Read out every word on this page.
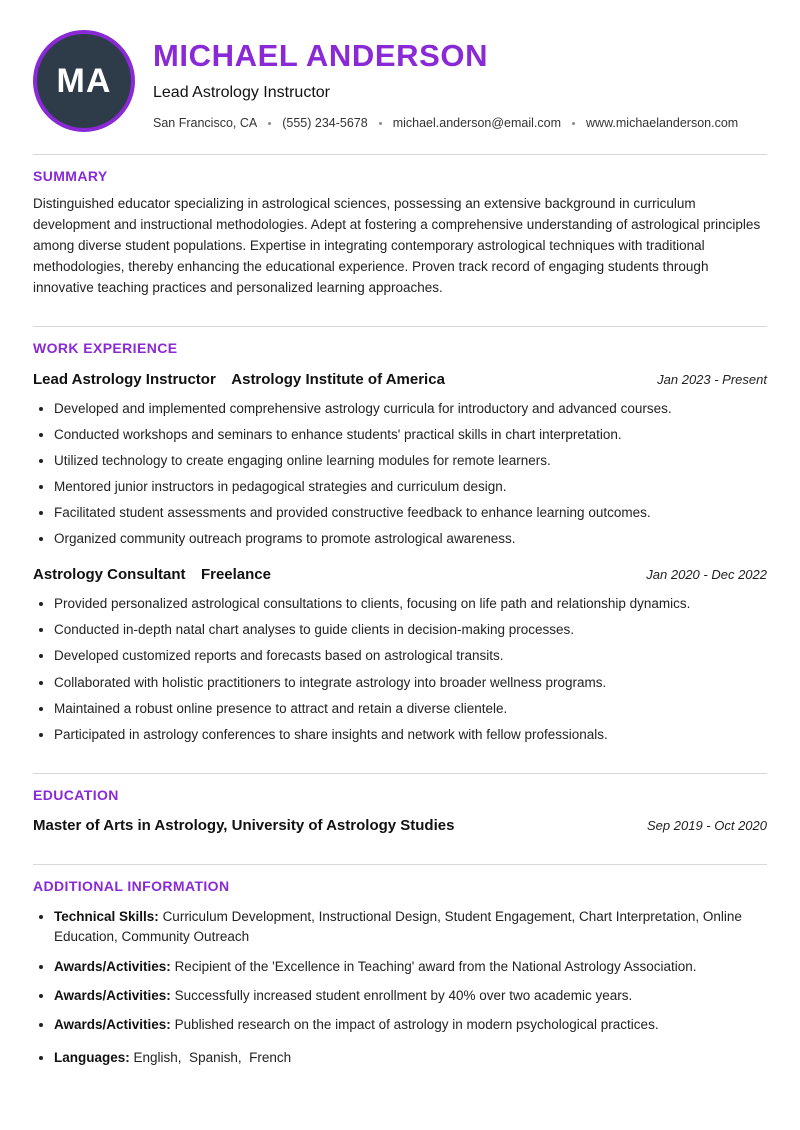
MA
MICHAEL ANDERSON
Lead Astrology Instructor
San Francisco, CA (555) 234-5678 michael.anderson@email.com www.michaelanderson.com
SUMMARY

Distinguished educator specializing in astrological sciences, possessing an extensive background in curriculum development and instructional methodologies. Adept at fostering a comprehensive understanding of astrological principles among diverse student populations. Expertise in integrating contemporary astrological techniques with traditional methodologies, thereby enhancing the educational experience. Proven track record of engaging students through innovative teaching practices and personalized learning approaches.

WORK EXPERIENCE
Lead Astrology Instructor Astrology Institute of America	Jan 2023 - Present
• Developed and implemented comprehensive astrology curricula for introductory and advanced courses.
• Conducted workshops and seminars to enhance students' practical skills in chart interpretation.
• Utilized technology to create engaging online learning modules for remote learners.
• Mentored junior instructors in pedagogical strategies and curriculum design.
• Facilitated student assessments and provided constructive feedback to enhance learning outcomes.
• Organized community outreach programs to promote astrological awareness.
Astrology Consultant Freelance	Jan 2020 - Dec 2022
• Provided personalized astrological consultations to clients, focusing on life path and relationship dynamics.
• Conducted in-depth natal chart analyses to guide clients in decision-making processes.
• Developed customized reports and forecasts based on astrological transits.
• Collaborated with holistic practitioners to integrate astrology into broader wellness programs.
• Maintained a robust online presence to attract and retain a diverse clientele.
• Participated in astrology conferences to share insights and network with fellow professionals.
EDUCATION
Master of Arts in Astrology, University of Astrology Studies	Sep 2019 - Oct 2020
ADDITIONAL INFORMATION
• Technical Skills: Curriculum Development, Instructional Design, Student Engagement, Chart Interpretation, Online Education, Community Outreach
• Awards/Activities: Recipient of the 'Excellence in Teaching' award from the National Astrology Association.
• Awards/Activities: Successfully increased student enrollment by 40% over two academic years.
• Awards/Activities: Published research on the impact of astrology in modern psychological practices.
• Languages: English,  Spanish,  French
